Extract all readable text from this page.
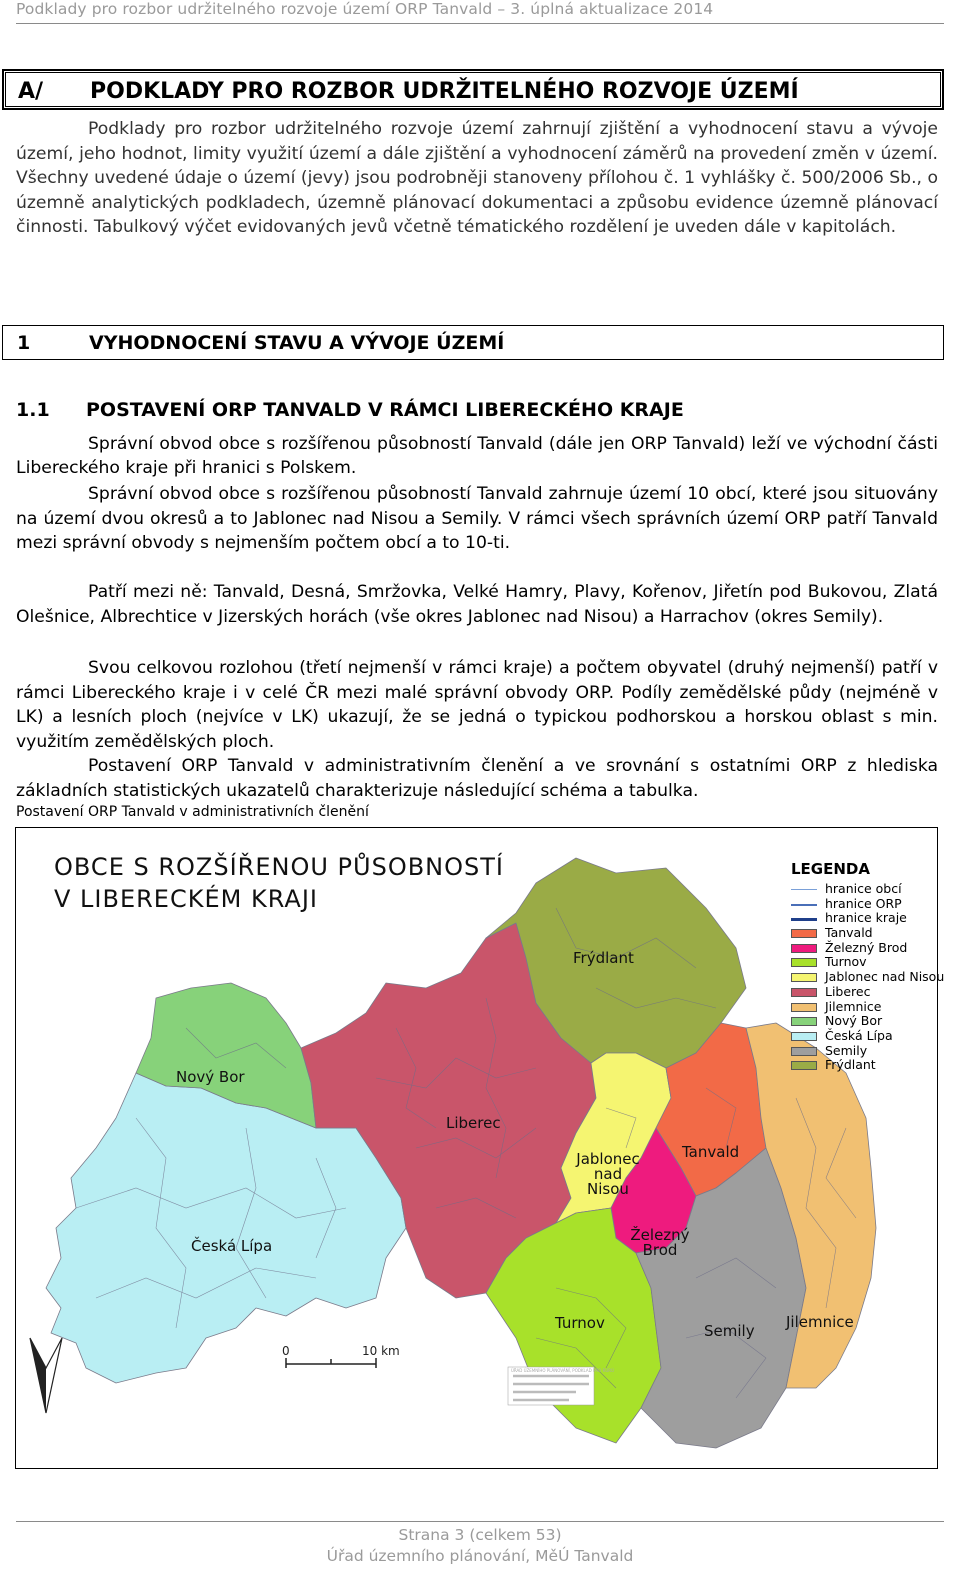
Podklady pro rozbor udržitelného rozvoje území ORP Tanvald – 3. úplná aktualizace 2014
A/ PODKLADY PRO ROZBOR UDRŽITELNÉHO ROZVOJE ÚZEMÍ

Podklady pro rozbor udržitelného rozvoje území zahrnují zjištění a vyhodnocení stavu a vývoje území, jeho hodnot, limity využití území a dále zjištění a vyhodnocení záměrů na provedení změn v území. Všechny uvedené údaje o území (jevy) jsou podrobněji stanoveny přílohou č. 1 vyhlášky č. 500/2006 Sb., o územně analytických podkladech, územně plánovací dokumentaci a způsobu evidence územně plánovací činnosti. Tabulkový výčet evidovaných jevů včetně tématického rozdělení je uveden dále v kapitolách.

1	VYHODNOCENÍ STAVU A VÝVOJE ÚZEMÍ
1.1 POSTAVENÍ ORP TANVALD V RÁMCI LIBERECKÉHO KRAJE

Správní obvod obce s rozšířenou působností Tanvald (dále jen ORP Tanvald) leží ve východní části Libereckého kraje při hranici s Polskem.

Správní obvod obce s rozšířenou působností Tanvald zahrnuje území 10 obcí, které jsou situovány na území dvou okresů a to Jablonec nad Nisou a Semily. V rámci všech správních území ORP patří Tanvald mezi správní obvody s nejmenším počtem obcí a to 10-ti.

Patří mezi ně: Tanvald, Desná, Smržovka, Velké Hamry, Plavy, Kořenov, Jiřetín pod Bukovou, Zlatá Olešnice, Albrechtice v Jizerských horách (vše okres Jablonec nad Nisou) a Harrachov (okres Semily).

Svou celkovou rozlohou (třetí nejmenší v rámci kraje) a počtem obyvatel (druhý nejmenší) patří v rámci Libereckého kraje i v celé ČR mezi malé správní obvody ORP. Podíly zemědělské půdy (nejméně v LK) a lesních ploch (nejvíce v LK) ukazují, že se jedná o typickou podhorskou a horskou oblast s min. využitím zemědělských ploch.

Postavení ORP Tanvald v administrativním členění a ve srovnání s ostatními ORP z hlediska základních statistických ukazatelů charakterizuje následující schéma a tabulka.

Postavení ORP Tanvald v administrativních členění
OBCE S ROZŠÍŘENOU PŮSOBNOSTÍ
V LIBERECKÉM KRAJI
LEGENDA
hranice obcí
hranice ORP
hranice kraje
Tanvald
Železný Brod
Turnov
Jablonec nad Nisou
Liberec
Jilemnice
Nový Bor
Česká Lípa
Semily
Frýdlant
Frýdlant
Nový Bor
Liberec
Jablonec
nad
Nisou
Tanvald
Česká Lípa
Železný
Brod
Turnov	Semily Jilemnice
0	10 km
ÚŘAD ÚZEMNÍHO PLÁNOVÁNÍ, PODKLAD PRO RURÚ
Strana 3 (celkem 53)
Úřad územního plánování, MěÚ Tanvald
